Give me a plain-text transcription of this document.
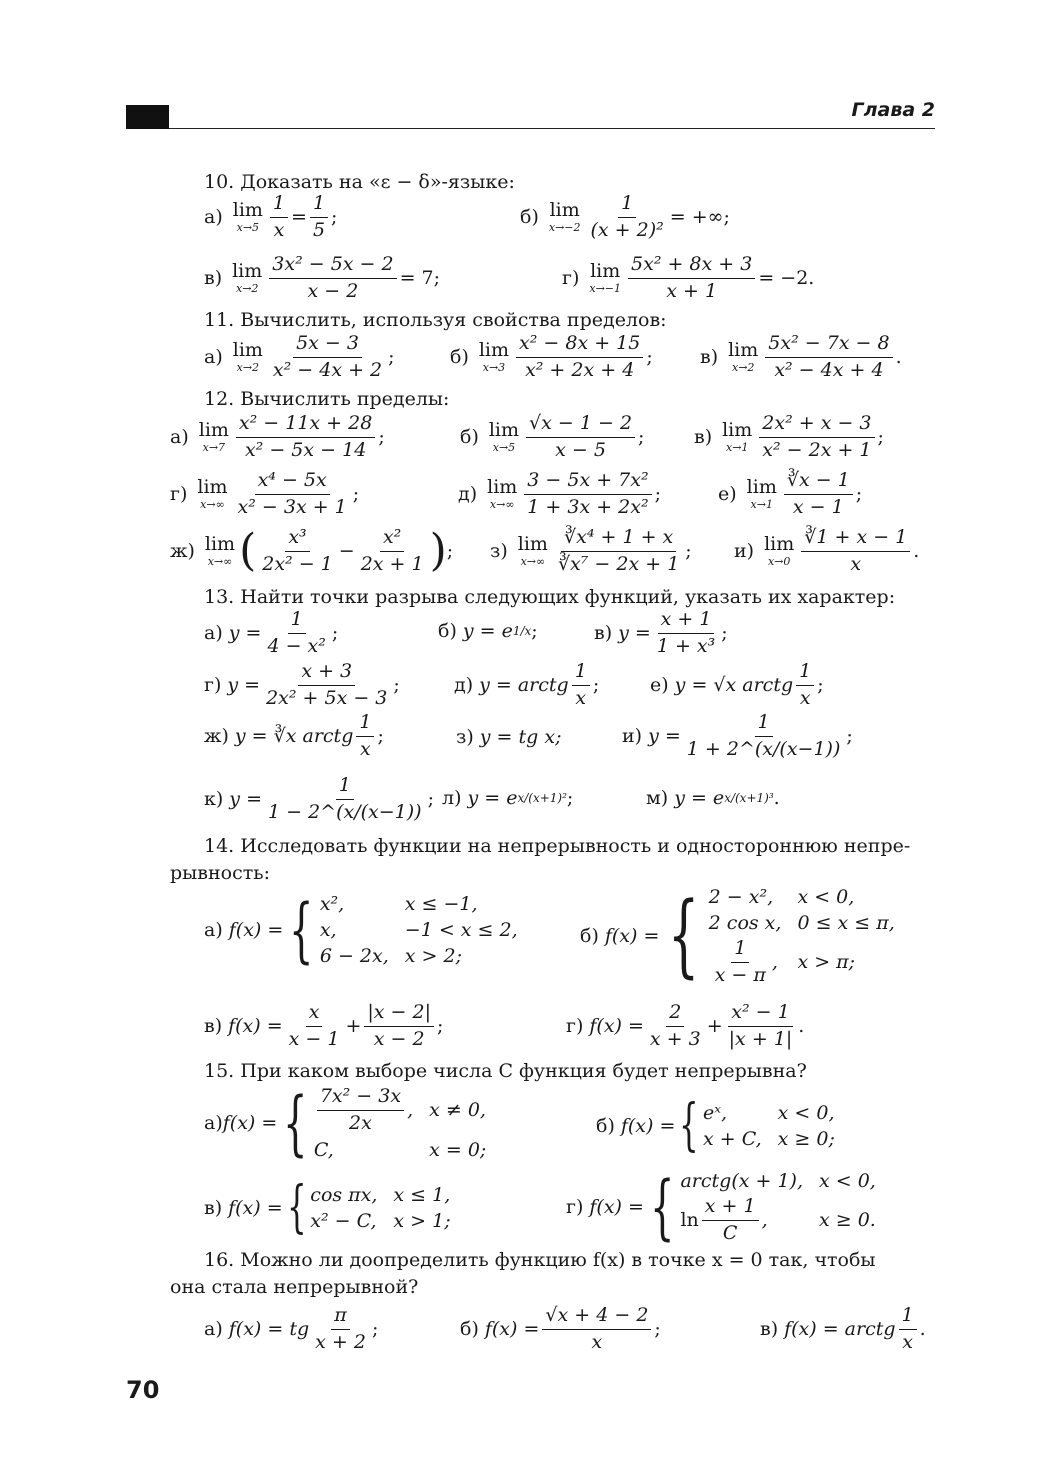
Глава 2
10. Доказать на «ε − δ»-языке:
а) lim
$x\to 5 \frac{1}{x} = \frac{1}{5}$ ;	б) lim
$x\to-2 \frac{1}{\text{(x + 2)²}}$ = +∞;
в) lim
$x\to 2 \frac{\text{3x² − 5x − 2}}{x - 2} = 7$;	г) lim
$x\to-1 \frac{\text{5x² + 8x + 3}}{x + 1} = -2$.
11. Вычислить, используя свойства пределов:
а) lim
$x\to 2 \frac{5x - 3}{\text{x² − 4x + 2}}$ ;	б) lim
$x\to 3 \frac{\text{x² − 8x + 15}}{\text{x² + 2x + 4}}$ ; в) lim
$x\to 2 \frac{\text{5x² − 7x − 8}}{\text{x² − 4x + 4}}$ .
12. Вычислить пределы:
а) lim
$x\to 7 \frac{\text{x² − 11x + 28}}{\text{x² − 5x − 14}}$ ;	б) lim
$x\to 5 \frac{√x - 1 - 2}{x - 5}$ ;	в) lim
$x\to 1 \frac{\text{2x² + x − 3}}{\text{x² − 2x + 1}}$ ;
г) lim
$x\to\infty \frac{\text{x⁴ − 5x}}{\text{x² − 3x + 1}}$ ;	д) lim
$x\to\infty \frac{\text{3 − 5x + 7x²}}{\text{1 + 3x + 2x²}}$ ;	е) lim
$x\to 1 \frac{∛x - 1}{x - 1}$ ;
ж) lim
x→∞ ( $\frac{\text{x³}}{\text{2x² − 1}} - \frac{\text{x²}}{2x + 1}$ ) ; з) lim
$x\to\infty \frac{\text{∛x⁴ + 1 + x}}{\text{∛x⁷ − 2x + 1}}$ ; и) lim
$x\to 0 \frac{∛1 + x - 1}{x}$ .
13. Найти точки разрыва следующих функций, указать их характер:
а) $y = \frac{1}{\text{4 − x²}}$ ;	б) y = e 1/x ;	в) $y = \frac{x + 1}{\text{1 + x³}}$ ;
г) $y = \frac{x + 3}{\text{2x² + 5x − 3}}$ ;	д) y = arctg $\frac{1}{x}$ ;	е) y = √x arctg $\frac{1}{x}$ ;
ж) y = ∛x arctg $\frac{1}{x}$ ;	з) y = tg x;	и) $y = \frac{1}{1 + 2\^{}(x/(x-1))}$ ;
к) $y = \frac{1}{1 - 2\^{}(x/(x-1))}$ ; л) y = e x/(x+1)² ;	м) y = e x/(x+1)³ .
14. Исследовать функции на непрерывность и одностороннюю непре-
рывность:
а) f(x) = { x²,	x ≤ −1,
x,	−1 < x ≤ 2,
6 − 2x, x > 2;
б) f(x) = { 2 − x²,	x < 0,
2 cos x, 0 ≤ x ≤ π,
$\frac{1}{x - \pi}$ , x > π;
в) $f(x) = \frac{x}{x - 1} + \frac{|x - 2|}{x - 2}$ ;	г) $f(x) = \frac{2}{x + 3} + \frac{\text{x² − 1}}{|x + 1|}$ .
15. При каком выборе числа C функция будет непрерывна?
а) f(x) = { $\frac{\text{7x² − 3x}}{2x}$ , x ≠ 0,
C,	x = 0;
б) f(x) = { eˣ,	x < 0,
x + C, x ≥ 0;
в) f(x) = { cos πx, x ≤ 1,
x² − C, x > 1;
г) f(x) = { arctg(x + 1), x < 0,
$\ln \frac{x + 1}{C}$ ,	x ≥ 0.
16. Можно ли доопределить функцию f(x) в точке x = 0 так, чтобы
она стала непрерывной?
а) f(x) = tg $\frac{\pi}{x + 2}$ ;	б) $f(x) = \frac{√x + 4 - 2}{x}$ ;	в) f(x) = arctg $\frac{1}{x}$ .
70
